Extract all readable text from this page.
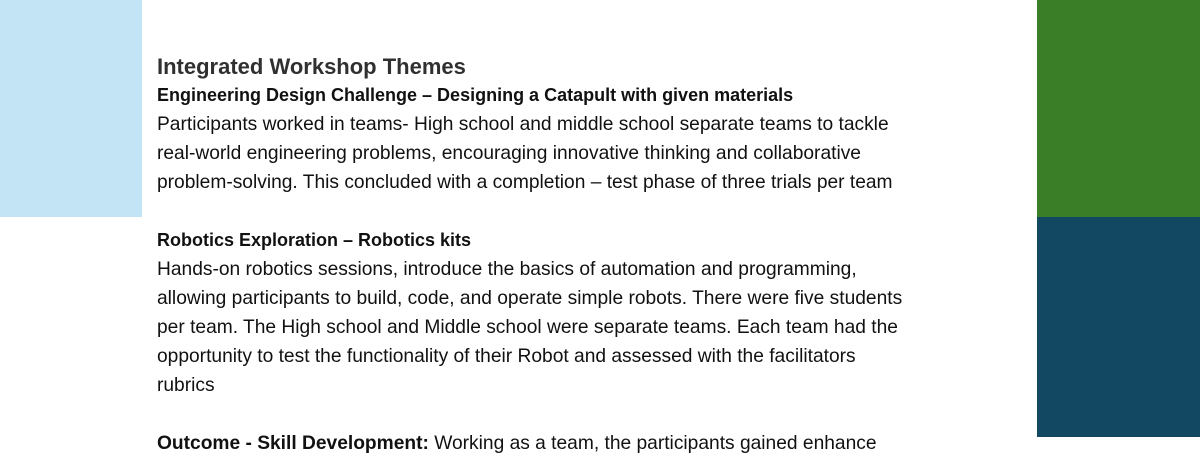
Integrated Workshop Themes
Engineering Design Challenge – Designing a Catapult with given materials

Participants worked in teams- High school and middle school separate teams to tackle
real-world engineering problems, encouraging innovative thinking and collaborative
problem-solving. This concluded with a completion – test phase of three trials per team

Robotics Exploration – Robotics kits

Hands-on robotics sessions, introduce the basics of automation and programming,
allowing participants to build, code, and operate simple robots. There were five students
per team. The High school and Middle school were separate teams. Each team had the
opportunity to test the functionality of their Robot and assessed with the facilitators
rubrics

Outcome - Skill Development: Working as a team, the participants gained enhance
